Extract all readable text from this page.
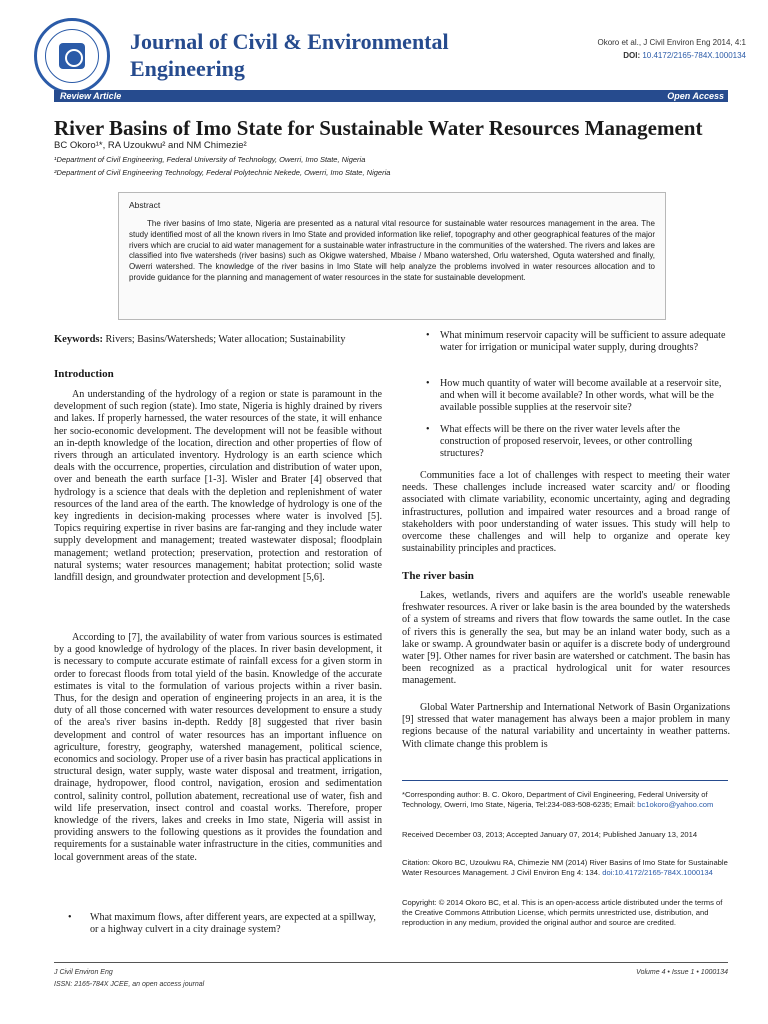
Journal of Civil & Environmental Engineering
Okoro et al., J Civil Environ Eng 2014, 4:1
DOI: 10.4172/2165-784X.1000134
Review Article	Open Access
River Basins of Imo State for Sustainable Water Resources Management
BC Okoro¹*, RA Uzoukwu² and NM Chimezie²
¹Department of Civil Engineering, Federal University of Technology, Owerri, Imo State, Nigeria
²Department of Civil Engineering Technology, Federal Polytechnic Nekede, Owerri, Imo State, Nigeria
Abstract

The river basins of Imo state, Nigeria are presented as a natural vital resource for sustainable water resources management in the area. The study identified most of all the known rivers in Imo State and provided information like relief, topography and other geographical features of the major rivers which are crucial to aid water management for a sustainable water infrastructure in the communities of the watershed. The rivers and lakes are classified into five watersheds (river basins) such as Okigwe watershed, Mbaise / Mbano watershed, Orlu watershed, Oguta watershed and finally, Owerri watershed. The knowledge of the river basins in Imo State will help analyze the problems involved in water resources allocation and to provide guidance for the planning and management of water resources in the state for sustainable development.

Keywords: Rivers; Basins/Watersheds; Water allocation; Sustainability
Introduction

An understanding of the hydrology of a region or state is paramount in the development of such region (state). Imo state, Nigeria is highly drained by rivers and lakes. If properly harnessed, the water resources of the state, it will enhance her socio-economic development. The development will not be feasible without an in-depth knowledge of the location, direction and other properties of flow of rivers through an articulated inventory. Hydrology is an earth science which deals with the occurrence, properties, circulation and distribution of water upon, over and beneath the earth surface [1-3]. Wisler and Brater [4] observed that hydrology is a science that deals with the depletion and replenishment of water resources of the land area of the earth. The knowledge of hydrology is one of the key ingredients in decision-making processes where water is involved [5]. Topics requiring expertise in river basins are far-ranging and they include water supply development and management; treated wastewater disposal; floodplain management; wetland protection; preservation, protection and restoration of natural systems; water resources management; habitat protection; solid waste landfill design, and groundwater protection and development [5,6].

According to [7], the availability of water from various sources is estimated by a good knowledge of hydrology of the places. In river basin development, it is necessary to compute accurate estimate of rainfall excess for a given storm in order to forecast floods from total yield of the basin. Knowledge of the accurate estimates is vital to the formulation of various projects within a river basin. Thus, for the design and operation of engineering projects in an area, it is the duty of all those concerned with water resources development to ensure a study of the area's river basins in-depth. Reddy [8] suggested that river basin development and control of water resources has an important influence on agriculture, forestry, geography, watershed management, political science, economics and sociology. Proper use of a river basin has practical applications in structural design, water supply, waste water disposal and treatment, irrigation, drainage, hydropower, flood control, navigation, erosion and sedimentation control, salinity control, pollution abatement, recreational use of water, fish and wild life preservation, insect control and coastal works. Therefore, proper knowledge of the rivers, lakes and creeks in Imo state, Nigeria will assist in providing answers to the following questions as it provides the foundation and requirements for a sustainable water infrastructure in the cities, communities and local government areas of the state.

• What maximum flows, after different years, are expected at a spillway, or a highway culvert in a city drainage system?
• What minimum reservoir capacity will be sufficient to assure adequate water for irrigation or municipal water supply, during droughts?
• How much quantity of water will become available at a reservoir site, and when will it become available? In other words, what will be the available possible supplies at the reservoir site?
• What effects will be there on the river water levels after the construction of proposed reservoir, levees, or other controlling structures?

Communities face a lot of challenges with respect to meeting their water needs. These challenges include increased water scarcity and/ or flooding associated with climate variability, economic uncertainty, aging and degrading infrastructures, pollution and impaired water resources and a broad range of stakeholders with poor understanding of water issues. This study will help to overcome these challenges and will help to organize and operate key sustainability principles and practices.

The river basin

Lakes, wetlands, rivers and aquifers are the world's useable renewable freshwater resources. A river or lake basin is the area bounded by the watersheds of a system of streams and rivers that flow towards the same outlet. In the case of rivers this is generally the sea, but may be an inland water body, such as a lake or swamp. A groundwater basin or aquifer is a discrete body of underground water [9]. Other names for river basin are watershed or catchment. The basin has been recognized as a practical hydrological unit for water resources management.

Global Water Partnership and International Network of Basin Organizations [9] stressed that water management has always been a major problem in many regions because of the natural variability and uncertainty in weather patterns. With climate change this problem is

*Corresponding author: B. C. Okoro, Department of Civil Engineering, Federal University of Technology, Owerri, Imo State, Nigeria, Tel:234-083-508-6235; Email: bc1okoro@yahoo.com
Received December 03, 2013; Accepted January 07, 2014; Published January 13, 2014
Citation: Okoro BC, Uzoukwu RA, Chimezie NM (2014) River Basins of Imo State for Sustainable Water Resources Management. J Civil Environ Eng 4: 134. doi:10.4172/2165-784X.1000134
Copyright: © 2014 Okoro BC, et al. This is an open-access article distributed under the terms of the Creative Commons Attribution License, which permits unrestricted use, distribution, and reproduction in any medium, provided the original author and source are credited.
J Civil Environ Eng
ISSN: 2165-784X JCEE, an open access journal
Volume 4 • Issue 1 • 1000134
